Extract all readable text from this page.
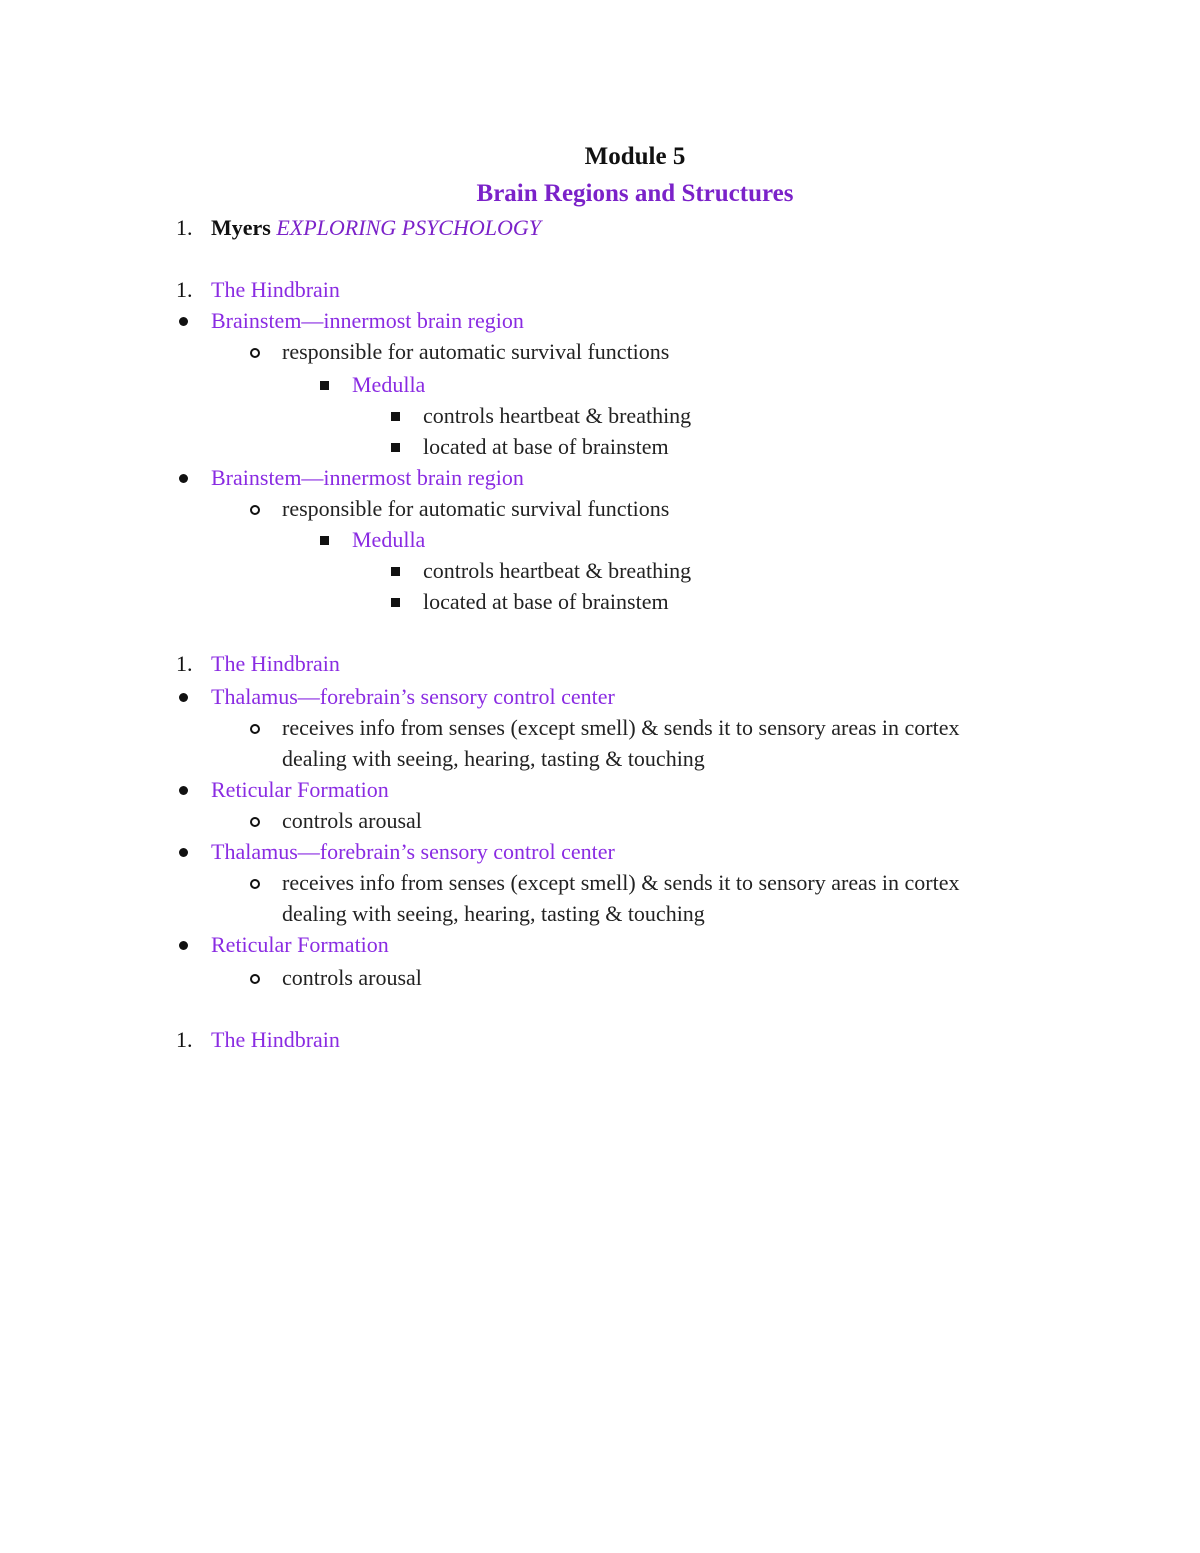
Module 5
Brain Regions and Structures
1. Myers EXPLORING PSYCHOLOGY
1. The Hindbrain
Brainstem—innermost brain region
responsible for automatic survival functions
Medulla
controls heartbeat & breathing
located at base of brainstem
Brainstem—innermost brain region
responsible for automatic survival functions
Medulla
controls heartbeat & breathing
located at base of brainstem
1. The Hindbrain
Thalamus—forebrain’s sensory control center
receives info from senses (except smell) & sends it to sensory areas in cortex
dealing with seeing, hearing, tasting & touching
Reticular Formation
controls arousal
Thalamus—forebrain’s sensory control center
receives info from senses (except smell) & sends it to sensory areas in cortex
dealing with seeing, hearing, tasting & touching
Reticular Formation
controls arousal
1. The Hindbrain
